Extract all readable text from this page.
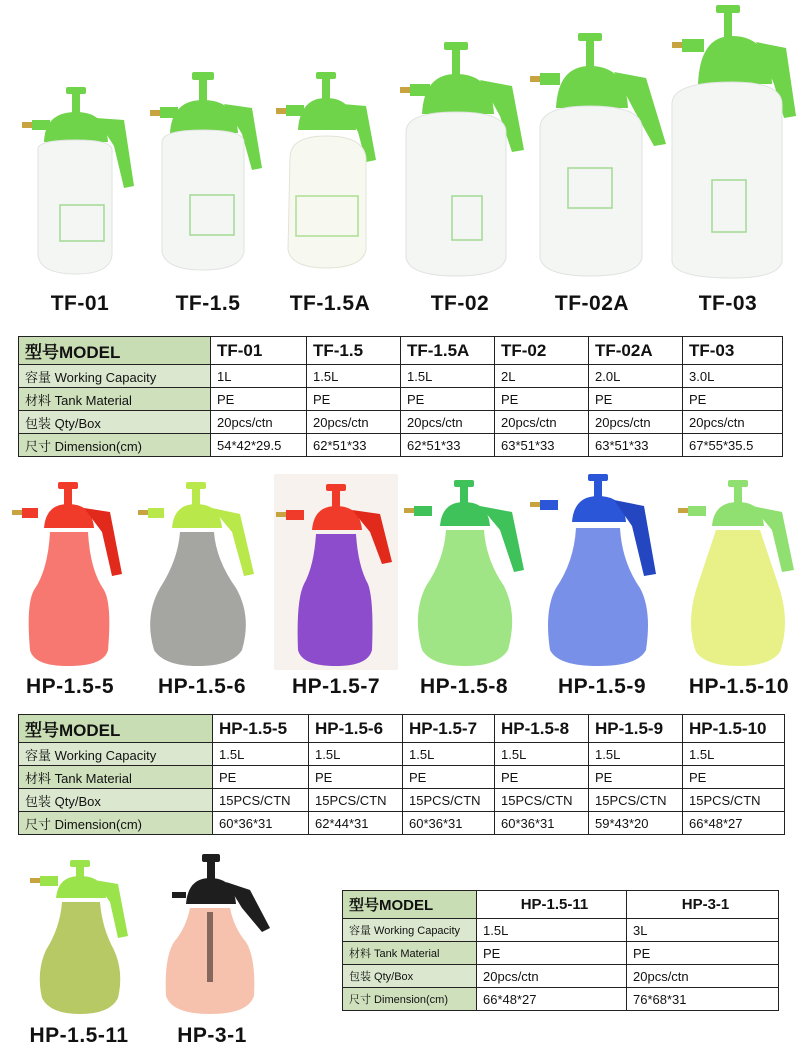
TF-01	TF-1.5	TF-1.5A	TF-02	TF-02A	TF-03
型号MODEL	TF-01	TF-1.5	TF-1.5A	TF-02	TF-02A	TF-03
容量 Working Capacity	1L	1.5L	1.5L	2L	2.0L	3.0L
材料 Tank Material	PE	PE	PE	PE	PE	PE
包装 Qty/Box	20pcs/ctn	20pcs/ctn	20pcs/ctn	20pcs/ctn	20pcs/ctn	20pcs/ctn
尺寸 Dimension(cm)	54*42*29.5	62*51*33	62*51*33	63*51*33	63*51*33	67*55*35.5
HP-1.5-5	HP-1.5-6	HP-1.5-7	HP-1.5-8	HP-1.5-9	HP-1.5-10
型号MODEL	HP-1.5-5	HP-1.5-6	HP-1.5-7	HP-1.5-8	HP-1.5-9	HP-1.5-10
容量 Working Capacity	1.5L	1.5L	1.5L	1.5L	1.5L	1.5L
材料 Tank Material	PE	PE	PE	PE	PE	PE
包装 Qty/Box	15PCS/CTN	15PCS/CTN	15PCS/CTN	15PCS/CTN	15PCS/CTN	15PCS/CTN
尺寸 Dimension(cm)	60*36*31	62*44*31	60*36*31	60*36*31	59*43*20	66*48*27
HP-1.5-11 HP-3-1
型号MODEL	HP-1.5-11	HP-3-1
容量 Working Capacity	1.5L	3L
材料 Tank Material	PE	PE
包装 Qty/Box	20pcs/ctn	20pcs/ctn
尺寸 Dimension(cm)	66*48*27	76*68*31
